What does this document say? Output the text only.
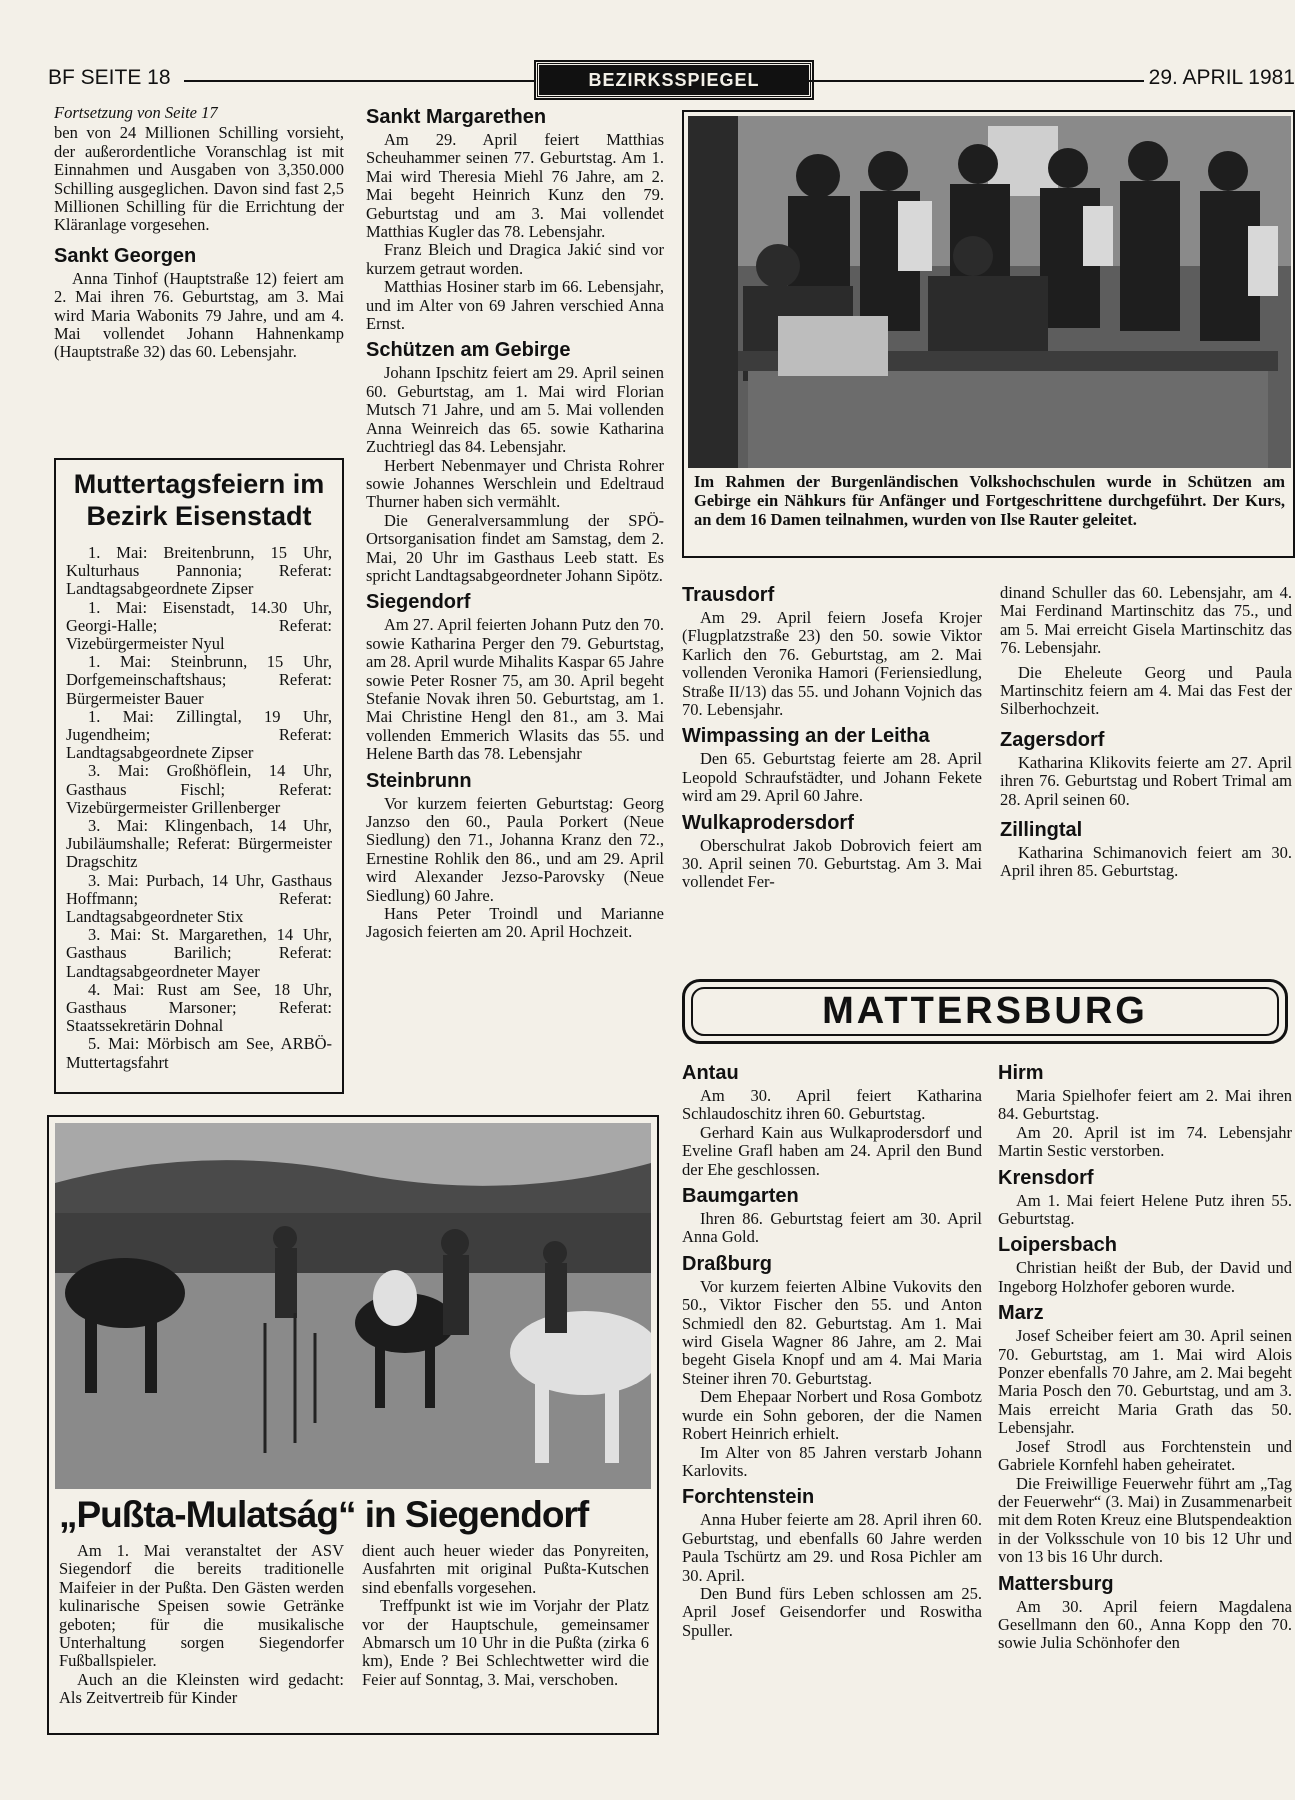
BF SEITE 18	BEZIRKSSPIEGEL	29. APRIL 1981

Fortsetzung von Seite 17

ben von 24 Millionen Schilling vorsieht, der außerordentliche Voranschlag ist mit Einnahmen und Ausgaben von 3,350.000 Schilling ausgeglichen. Davon sind fast 2,5 Millionen Schilling für die Errichtung der Kläranlage vorgesehen.

Sankt Georgen

Anna Tinhof (Hauptstraße 12) feiert am 2. Mai ihren 76. Geburtstag, am 3. Mai wird Maria Wabonits 79 Jahre, und am 4. Mai vollendet Johann Hahnenkamp (Hauptstraße 32) das 60. Lebensjahr.

Muttertagsfeiern im Bezirk Eisenstadt

1. Mai: Breitenbrunn, 15 Uhr, Kulturhaus Pannonia; Referat: Landtagsabgeordnete Zipser

1. Mai: Eisenstadt, 14.30 Uhr, Georgi-Halle; Referat: Vizebürgermeister Nyul

1. Mai: Steinbrunn, 15 Uhr, Dorfgemeinschaftshaus; Referat: Bürgermeister Bauer

1. Mai: Zillingtal, 19 Uhr, Jugendheim; Referat: Landtagsabgeordnete Zipser

3. Mai: Großhöflein, 14 Uhr, Gasthaus Fischl; Referat: Vizebürgermeister Grillenberger

3. Mai: Klingenbach, 14 Uhr, Jubiläumshalle; Referat: Bürgermeister Dragschitz

3. Mai: Purbach, 14 Uhr, Gasthaus Hoffmann; Referat: Landtagsabgeordneter Stix

3. Mai: St. Margarethen, 14 Uhr, Gasthaus Barilich; Referat: Landtagsabgeordneter Mayer

4. Mai: Rust am See, 18 Uhr, Gasthaus Marsoner; Referat: Staatssekretärin Dohnal

5. Mai: Mörbisch am See, ARBÖ-Muttertagsfahrt

Sankt Margarethen

Am 29. April feiert Matthias Scheuhammer seinen 77. Geburtstag. Am 1. Mai wird Theresia Miehl 76 Jahre, am 2. Mai begeht Heinrich Kunz den 79. Geburtstag und am 3. Mai vollendet Matthias Kugler das 78. Lebensjahr.

Franz Bleich und Dragica Jakić sind vor kurzem getraut worden.

Matthias Hosiner starb im 66. Lebensjahr, und im Alter von 69 Jahren verschied Anna Ernst.

Schützen am Gebirge

Johann Ipschitz feiert am 29. April seinen 60. Geburtstag, am 1. Mai wird Florian Mutsch 71 Jahre, und am 5. Mai vollenden Anna Weinreich das 65. sowie Katharina Zuchtriegl das 84. Lebensjahr.

Herbert Nebenmayer und Christa Rohrer sowie Johannes Werschlein und Edeltraud Thurner haben sich vermählt.

Die Generalversammlung der SPÖ-Ortsorganisation findet am Samstag, dem 2. Mai, 20 Uhr im Gasthaus Leeb statt. Es spricht Landtagsabgeordneter Johann Sipötz.

Siegendorf

Am 27. April feierten Johann Putz den 70. sowie Katharina Perger den 79. Geburtstag, am 28. April wurde Mihalits Kaspar 65 Jahre sowie Peter Rosner 75, am 30. April begeht Stefanie Novak ihren 50. Geburtstag, am 1. Mai Christine Hengl den 81., am 3. Mai vollenden Emmerich Wlasits das 55. und Helene Barth das 78. Lebensjahr

Steinbrunn

Vor kurzem feierten Geburtstag: Georg Janzso den 60., Paula Porkert (Neue Siedlung) den 71., Johanna Kranz den 72., Ernestine Rohlik den 86., und am 29. April wird Alexander Jezso-Parovsky (Neue Siedlung) 60 Jahre.

Hans Peter Troindl und Marianne Jagosich feierten am 20. April Hochzeit.

Im Rahmen der Burgenländischen Volkshochschulen wurde in Schützen am Gebirge ein Nähkurs für Anfänger und Fortgeschrittene durchgeführt. Der Kurs, an dem 16 Damen teilnahmen, wurden von Ilse Rauter geleitet.
Trausdorf

Am 29. April feiern Josefa Krojer (Flugplatzstraße 23) den 50. sowie Viktor Karlich den 76. Geburtstag, am 2. Mai vollenden Veronika Hamori (Feriensiedlung, Straße II/13) das 55. und Johann Vojnich das 70. Lebensjahr.

Wimpassing an der Leitha

Den 65. Geburtstag feierte am 28. April Leopold Schraufstädter, und Johann Fekete wird am 29. April 60 Jahre.

Wulkaprodersdorf

Oberschulrat Jakob Dobrovich feiert am 30. April seinen 70. Geburtstag. Am 3. Mai vollendet Fer-

dinand Schuller das 60. Lebensjahr, am 4. Mai Ferdinand Martinschitz das 75., und am 5. Mai erreicht Gisela Martinschitz das 76. Lebensjahr.

Die Eheleute Georg und Paula Martinschitz feiern am 4. Mai das Fest der Silberhochzeit.

Zagersdorf

Katharina Klikovits feierte am 27. April ihren 76. Geburtstag und Robert Trimal am 28. April seinen 60.

Zillingtal

Katharina Schimanovich feiert am 30. April ihren 85. Geburtstag.

MATTERSBURG
Antau

Am 30. April feiert Katharina Schlaudoschitz ihren 60. Geburtstag.

Gerhard Kain aus Wulkaprodersdorf und Eveline Grafl haben am 24. April den Bund der Ehe geschlossen.

Baumgarten

Ihren 86. Geburtstag feiert am 30. April Anna Gold.

Draßburg

Vor kurzem feierten Albine Vukovits den 50., Viktor Fischer den 55. und Anton Schmiedl den 82. Geburtstag. Am 1. Mai wird Gisela Wagner 86 Jahre, am 2. Mai begeht Gisela Knopf und am 4. Mai Maria Steiner ihren 70. Geburtstag.

Dem Ehepaar Norbert und Rosa Gombotz wurde ein Sohn geboren, der die Namen Robert Heinrich erhielt.

Im Alter von 85 Jahren verstarb Johann Karlovits.

Forchtenstein

Anna Huber feierte am 28. April ihren 60. Geburtstag, und ebenfalls 60 Jahre werden Paula Tschürtz am 29. und Rosa Pichler am 30. April.

Den Bund fürs Leben schlossen am 25. April Josef Geisendorfer und Roswitha Spuller.

Hirm

Maria Spielhofer feiert am 2. Mai ihren 84. Geburtstag.

Am 20. April ist im 74. Lebensjahr Martin Sestic verstorben.

Krensdorf

Am 1. Mai feiert Helene Putz ihren 55. Geburtstag.

Loipersbach

Christian heißt der Bub, der David und Ingeborg Holzhofer geboren wurde.

Marz

Josef Scheiber feiert am 30. April seinen 70. Geburtstag, am 1. Mai wird Alois Ponzer ebenfalls 70 Jahre, am 2. Mai begeht Maria Posch den 70. Geburtstag, und am 3. Mais erreicht Maria Grath das 50. Lebensjahr.

Josef Strodl aus Forchtenstein und Gabriele Kornfehl haben geheiratet.

Die Freiwillige Feuerwehr führt am „Tag der Feuerwehr“ (3. Mai) in Zusammenarbeit mit dem Roten Kreuz eine Blutspendeaktion in der Volksschule von 10 bis 12 Uhr und von 13 bis 16 Uhr durch.

Mattersburg

Am 30. April feiern Magdalena Gesellmann den 60., Anna Kopp den 70. sowie Julia Schönhofer den

„Pußta-Mulatság“ in Siegendorf

Am 1. Mai veranstaltet der ASV Siegendorf die bereits traditionelle Maifeier in der Pußta. Den Gästen werden kulinarische Speisen sowie Getränke geboten; für die musikalische Unterhaltung sorgen Siegendorfer Fußballspieler.

Auch an die Kleinsten wird gedacht: Als Zeitvertreib für Kinder

dient auch heuer wieder das Ponyreiten, Ausfahrten mit original Pußta-Kutschen sind ebenfalls vorgesehen.

Treffpunkt ist wie im Vorjahr der Platz vor der Hauptschule, gemeinsamer Abmarsch um 10 Uhr in die Pußta (zirka 6 km), Ende ? Bei Schlechtwetter wird die Feier auf Sonntag, 3. Mai, verschoben.
